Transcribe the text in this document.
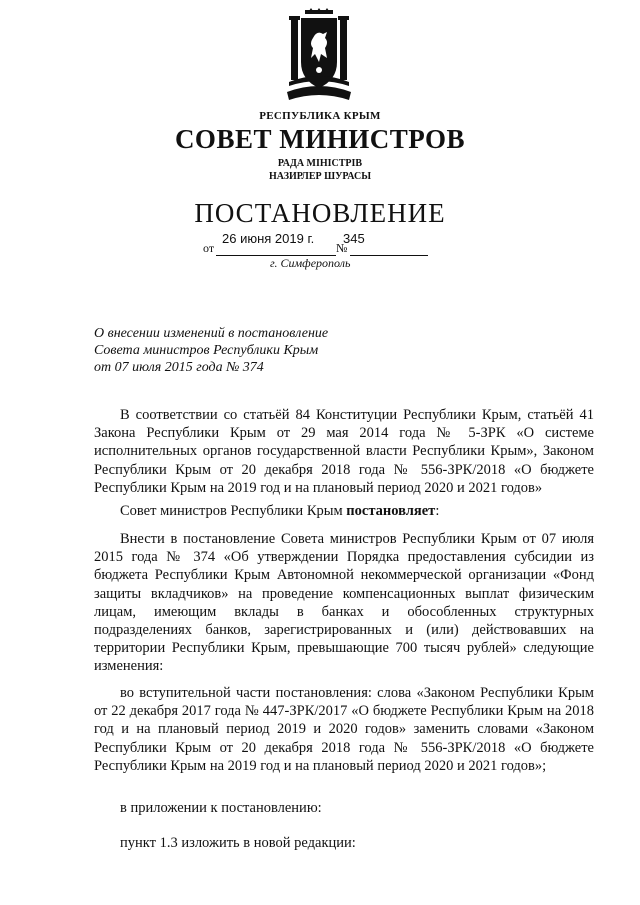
РЕСПУБЛИКА КРЫМ
СОВЕТ МИНИСТРОВ
РАДА МІНІСТРІВ
НАЗИРЛЕР ШУРАСЫ
ПОСТАНОВЛЕНИЕ
26 июня 2019 г. 345
от	№
г. Симферополь
О внесении изменений в постановление
Совета министров Республики Крым
от 07 июля 2015 года № 374
В соответствии со статьёй 84 Конституции Республики Крым, статьёй 41 Закона Республики Крым от 29 мая 2014 года № 5-ЗРК «О системе исполнительных органов государственной власти Республики Крым», Законом Республики Крым от 20 декабря 2018 года № 556-ЗРК/2018 «О бюджете Республики Крым на 2019 год и на плановый период 2020 и 2021 годов»
Совет министров Республики Крым постановляет:
Внести в постановление Совета министров Республики Крым от 07 июля 2015 года № 374 «Об утверждении Порядка предоставления субсидии из бюджета Республики Крым Автономной некоммерческой организации «Фонд защиты вкладчиков» на проведение компенсационных выплат физическим лицам, имеющим вклады в банках и обособленных структурных подразделениях банков, зарегистрированных и (или) действовавших на территории Республики Крым, превышающие 700 тысяч рублей» следующие изменения:
во вступительной части постановления: слова «Законом Республики Крым от 22 декабря 2017 года № 447-ЗРК/2017 «О бюджете Республики Крым на 2018 год и на плановый период 2019 и 2020 годов» заменить словами «Законом Республики Крым от 20 декабря 2018 года № 556-ЗРК/2018 «О бюджете Республики Крым на 2019 год и на плановый период 2020 и 2021 годов»;
в приложении к постановлению:
пункт 1.3 изложить в новой редакции:
